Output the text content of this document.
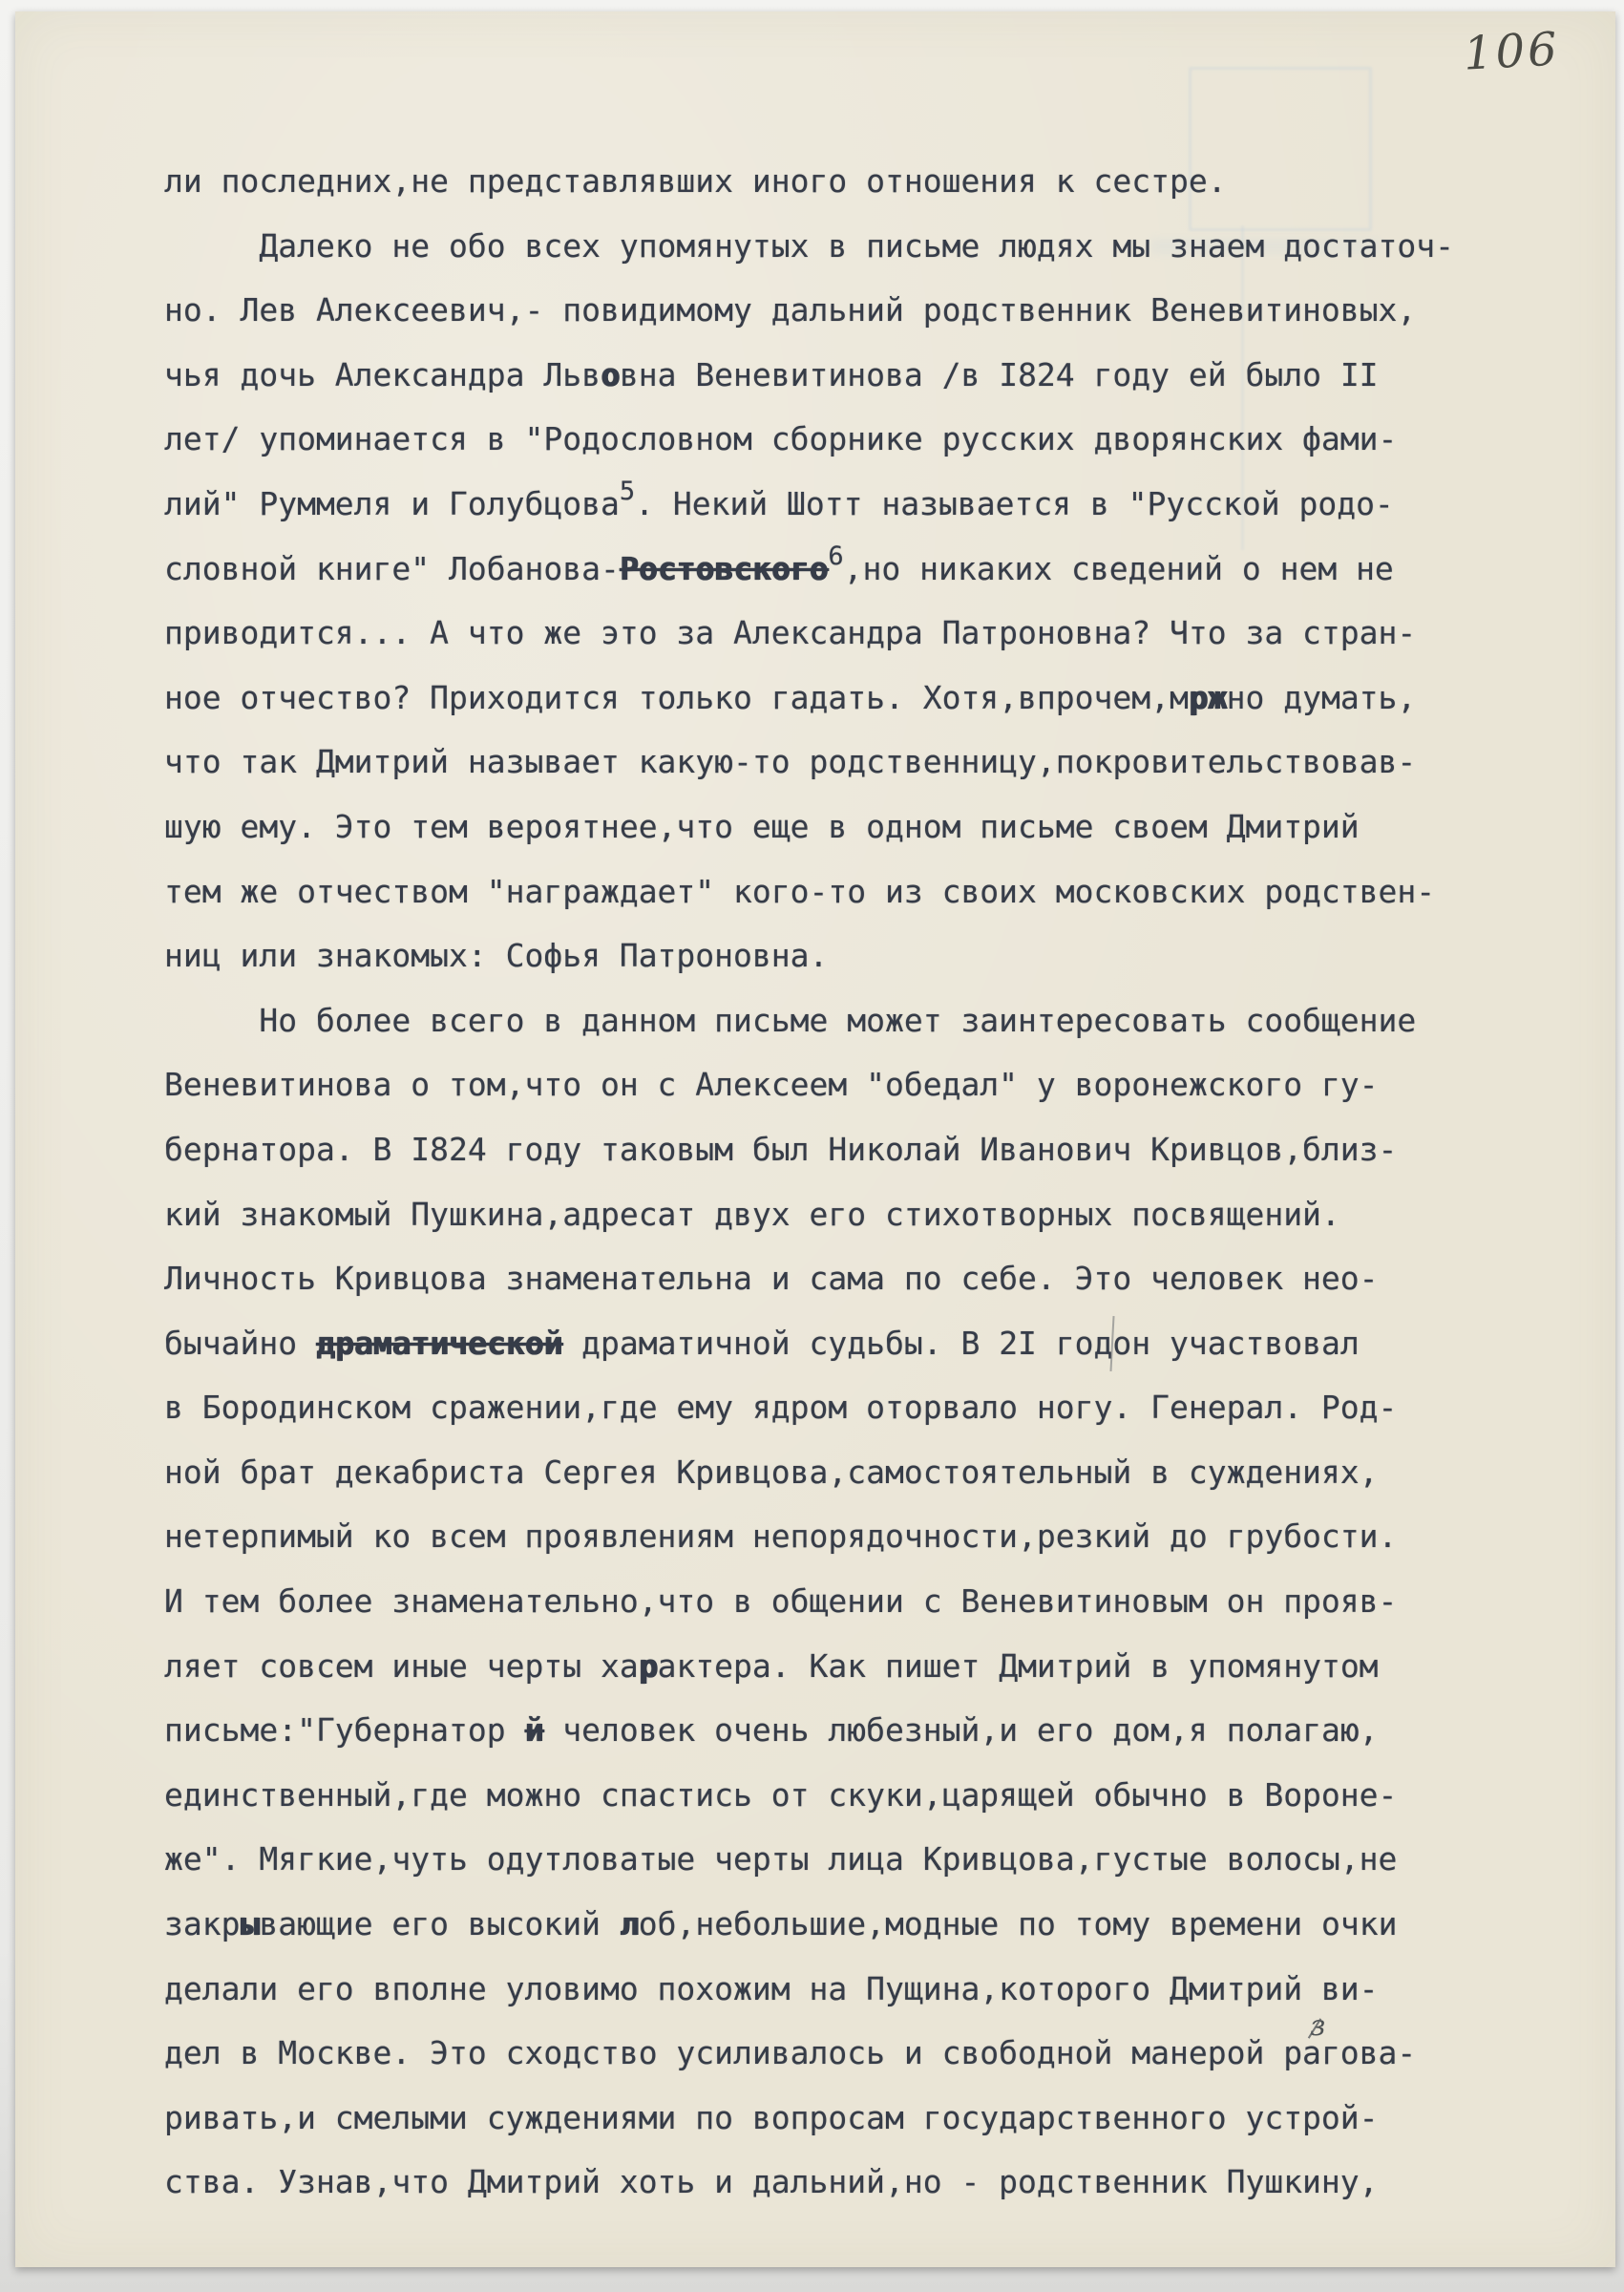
106
ли последних,не представлявших иного отношения к сестре.
Далеко не обо всех упомянутых в письме людях мы знаем достаточ-
но. Лев Алексеевич,- повидимому дальний родственник Веневитиновых,
чья дочь Александра Львовна Веневитинова /в I824 году ей было II
лет/ упоминается в "Родословном сборнике русских дворянских фами-
лий" Руммеля и Голубцова5. Некий Шотт называется в "Русской родо-
словной книге" Лобанова-Ростовского6,но никаких сведений о нем не
приводится... А что же это за Александра Патроновна? Что за стран-
ное отчество? Приходится только гадать. Хотя,впрочем,мржно думать,
что так Дмитрий называет какую-то родственницу,покровительствовав-
шую ему. Это тем вероятнее,что еще в одном письме своем Дмитрий
тем же отчеством "награждает" кого-то из своих московских родствен-
ниц или знакомых: Софья Патроновна.
Но более всего в данном письме может заинтересовать сообщение
Веневитинова о том,что он с Алексеем "обедал" у воронежского гу-
бернатора. В I824 году таковым был Николай Иванович Кривцов,близ-
кий знакомый Пушкина,адресат двух его стихотворных посвящений.
Личность Кривцова знаменательна и сама по себе. Это человек нео-
бычайно драматической драматичной судьбы. В 2I годон участвовал
в Бородинском сражении,где ему ядром оторвало ногу. Генерал. Род-
ной брат декабриста Сергея Кривцова,самостоятельный в суждениях,
нетерпимый ко всем проявлениям непорядочности,резкий до грубости.
И тем более знаменательно,что в общении с Веневитиновым он прояв-
ляет совсем иные черты характера. Как пишет Дмитрий в упомянутом
письме:"Губернатор й человек очень любезный,и его дом,я полагаю,
единственный,где можно спастись от скуки,царящей обычно в Вороне-
же". Мягкие,чуть одутловатые черты лица Кривцова,густые волосы,не
закрывающие его высокий лоб,небольшие,модные по тому времени очки
делали его вполне уловимо похожим на Пущина,которого Дмитрий ви-
дел в Москве. Это сходство усиливалось и свободной манерой разгова-
ривать,и смелыми суждениями по вопросам государственного устрой-
ства. Узнав,что Дмитрий хоть и дальний,но - родственник Пушкину,
